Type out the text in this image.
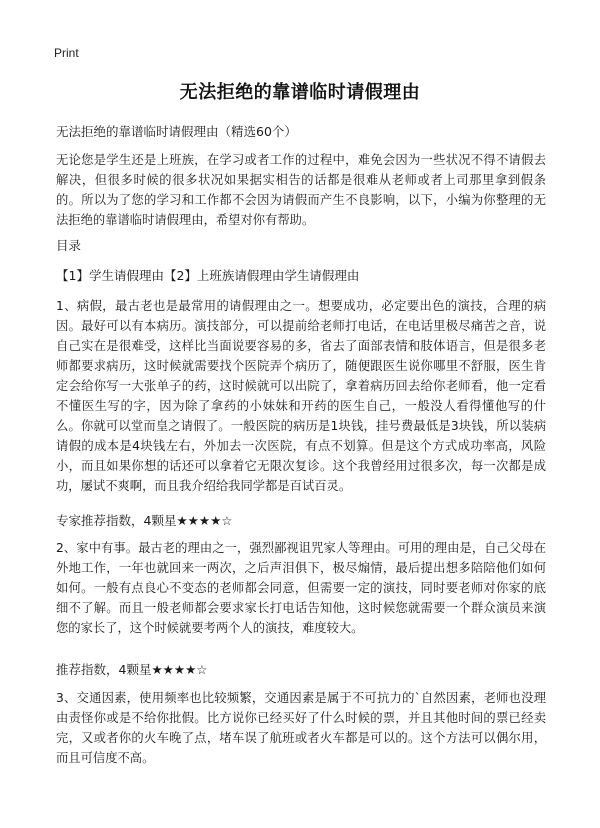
Print
无法拒绝的靠谱临时请假理由
无法拒绝的靠谱临时请假理由（精选60个）

无论您是学生还是上班族，在学习或者工作的过程中，难免会因为一些状况不得不请假去解决，但很多时候的很多状况如果据实相告的话都是很难从老师或者上司那里拿到假条的。所以为了您的学习和工作都不会因为请假而产生不良影响，以下，小编为你整理的无法拒绝的靠谱临时请假理由，希望对你有帮助。

目录
【1】学生请假理由【2】上班族请假理由学生请假理由

1、病假，最古老也是最常用的请假理由之一。想要成功，必定要出色的演技，合理的病因。最好可以有本病历。演技部分，可以提前给老师打电话，在电话里极尽痛苦之音，说自己实在是很难受，这样比当面说要容易的多，省去了面部表情和肢体语言，但是很多老师都要求病历，这时候就需要找个医院弄个病历了，随便跟医生说你哪里不舒服，医生肯定会给你写一大张单子的药，这时候就可以出院了，拿着病历回去给你老师看，他一定看不懂医生写的字，因为除了拿药的小妹妹和开药的医生自己，一般没人看得懂他写的什么。你就可以堂而皇之请假了。一般医院的病历是1块钱，挂号费最低是3块钱，所以装病请假的成本是4块钱左右，外加去一次医院，有点不划算。但是这个方式成功率高，风险小，而且如果你想的话还可以拿着它无限次复诊。这个我曾经用过很多次，每一次都是成功，屡试不爽啊，而且我介绍给我同学都是百试百灵。

专家推荐指数，4颗星★★★★☆

2、家中有事。最古老的理由之一，强烈鄙视诅咒家人等理由。可用的理由是，自己父母在外地工作，一年也就回来一两次，之后声泪俱下，极尽煽情，最后提出想多陪陪他们如何如何。一般有点良心不变态的老师都会同意，但需要一定的演技，同时要老师对你家的底细不了解。而且一般老师都会要求家长打电话告知他，这时候您就需要一个群众演员来演您的家长了，这个时候就要考两个人的演技，难度较大。

推荐指数，4颗星★★★★☆

3、交通因素，使用频率也比较频繁，交通因素是属于不可抗力的`自然因素，老师也没理由责怪你或是不给你批假。比方说你已经买好了什么时候的票，并且其他时间的票已经卖完，又或者你的火车晚了点，堵车误了航班或者火车都是可以的。这个方法可以偶尔用，而且可信度不高。
